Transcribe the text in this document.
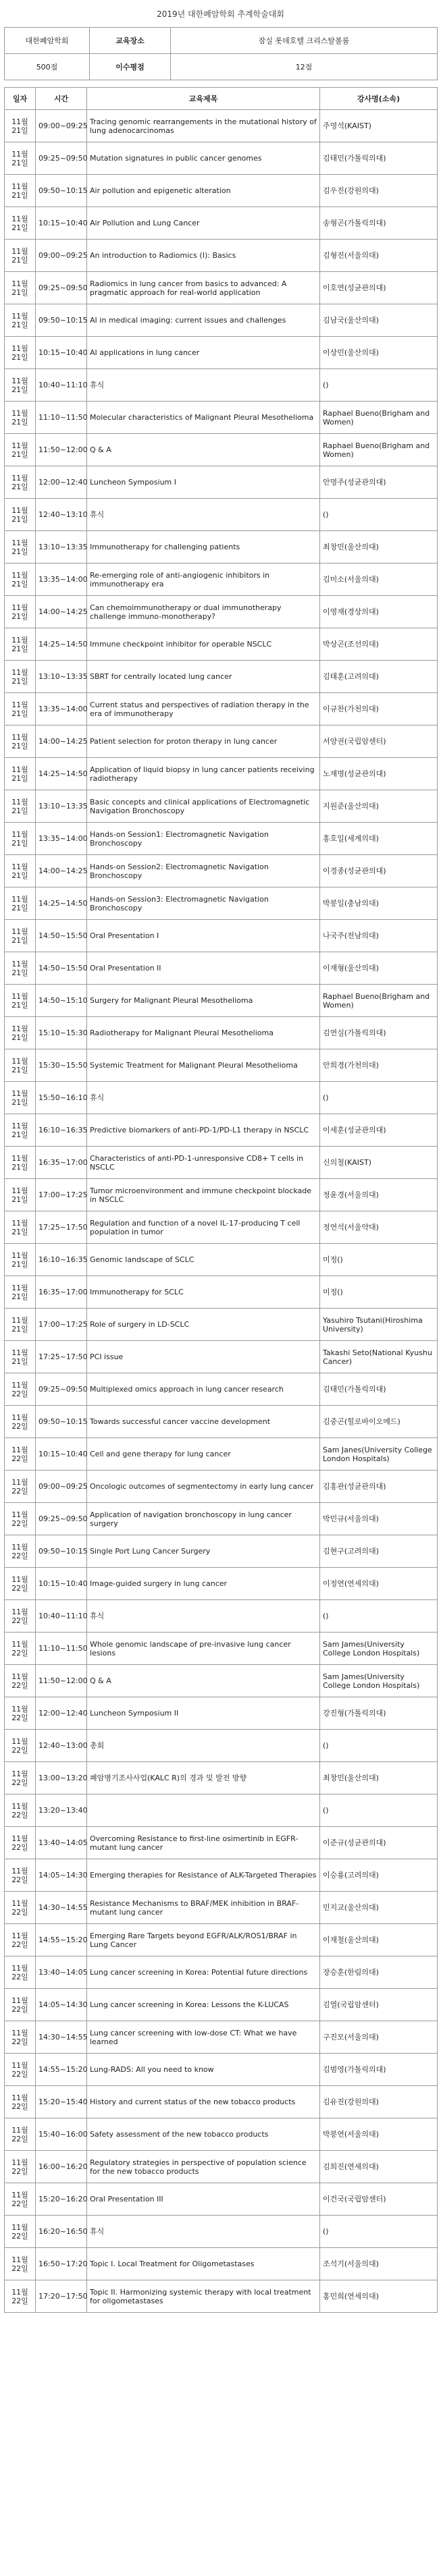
2019년 대한폐암학회 추계학술대회
대한폐암학회	교육장소	잠실 롯데호텔 크리스탈볼룸
500점	이수평점	12점
일자	시간	교육제목	강사명(소속)
11월 21일	09:00~09:25	Tracing genomic rearrangements in the mutational history of lung adenocarcinomas	주영석(KAIST)
11월 21일	09:25~09:50	Mutation signatures in public cancer genomes	김태민(가톨릭의대)
11월 21일	09:50~10:15	Air pollution and epigenetic alteration	김우진(강원의대)
11월 21일	10:15~10:40	Air Pollution and Lung Cancer	송형곤(가톨릭의대)
11월 21일	09:00~09:25	An introduction to Radiomics (I): Basics	김형진(서울의대)
11월 21일	09:25~09:50	Radiomics in lung cancer from basics to advanced: A pragmatic approach for real-world application	이호연(성균관의대)
11월 21일	09:50~10:15	AI in medical imaging: current issues and challenges	김남국(울산의대)
11월 21일	10:15~10:40	AI applications in lung cancer	이상민(울산의대)
11월 21일	10:40~11:10	휴식	()
11월 21일	11:10~11:50	Molecular characteristics of Malignant Pleural Mesothelioma	Raphael Bueno(Brigham and Women)
11월 21일	11:50~12:00	Q & A	Raphael Bueno(Brigham and Women)
11월 21일	12:00~12:40	Luncheon Symposium I	안명주(성균관의대)
11월 21일	12:40~13:10	휴식	()
11월 21일	13:10~13:35	Immunotherapy for challenging patients	최창민(울산의대)
11월 21일	13:35~14:00	Re-emerging role of anti-angiogenic inhibitors in immunotherapy era	김미소(서울의대)
11월 21일	14:00~14:25	Can chemoimmunotherapy or dual immunotherapy challenge immuno-monotherapy?	이영재(경상의대)
11월 21일	14:25~14:50	Immune checkpoint inhibitor for operable NSCLC	박상곤(조선의대)
11월 21일	13:10~13:35	SBRT for centrally located lung cancer	김태훈(고려의대)
11월 21일	13:35~14:00	Current status and perspectives of radiation therapy in the era of immunotherapy	이규찬(가천의대)
11월 21일	14:00~14:25	Patient selection for proton therapy in lung cancer	서양권(국립암센터)
11월 21일	14:25~14:50	Application of liquid biopsy in lung cancer patients receiving radiotherapy	노재명(성균관의대)
11월 21일	13:10~13:35	Basic concepts and clinical applications of Electromagnetic Navigation Bronchoscopy	지원준(울산의대)
11월 21일	13:35~14:00	Hands-on Session1: Electromagnetic Navigation Bronchoscopy	홍호일(세계의대)
11월 21일	14:00~14:25	Hands-on Session2: Electromagnetic Navigation Bronchoscopy	이경종(성균관의대)
11월 21일	14:25~14:50	Hands-on Session3: Electromagnetic Navigation Bronchoscopy	박봉일(충남의대)
11월 21일	14:50~15:50	Oral Presentation I	나국주(전남의대)
11월 21일	14:50~15:50	Oral Presentation II	이재형(울산의대)
11월 21일	14:50~15:10	Surgery for Malignant Pleural Mesothelioma	Raphael Bueno(Brigham and Women)
11월 21일	15:10~15:30	Radiotherapy for Malignant Pleural Mesothelioma	김연실(가톨릭의대)
11월 21일	15:30~15:50	Systemic Treatment for Malignant Pleural Mesothelioma	안희경(가천의대)
11월 21일	15:50~16:10	휴식	()
11월 21일	16:10~16:35	Predictive biomarkers of anti-PD-1/PD-L1 therapy in NSCLC	이세훈(성균관의대)
11월 21일	16:35~17:00	Characteristics of anti-PD-1-unresponsive CD8+ T cells in NSCLC	신의철(KAIST)
11월 21일	17:00~17:25	Tumor microenvironment and immune checkpoint blockade in NSCLC	정윤경(서울의대)
11월 21일	17:25~17:50	Regulation and function of a novel IL-17-producing T cell population in tumor	정연석(서울약대)
11월 21일	16:10~16:35	Genomic landscape of SCLC	미정()
11월 21일	16:35~17:00	Immunotherapy for SCLC	미정()
11월 21일	17:00~17:25	Role of surgery in LD-SCLC	Yasuhiro Tsutani(Hiroshima University)
11월 21일	17:25~17:50	PCI issue	Takashi Seto(National Kyushu Cancer)
11월 22일	09:25~09:50	Multiplexed omics approach in lung cancer research	김태민(가톨릭의대)
11월 22일	09:50~10:15	Towards successful cancer vaccine development	김중곤(힐로바이오메드)
11월 22일	10:15~10:40	Cell and gene therapy for lung cancer	Sam Janes(University College London Hospitals)
11월 22일	09:00~09:25	Oncologic outcomes of segmentectomy in early lung cancer	김홍관(성균관의대)
11월 22일	09:25~09:50	Application of navigation bronchoscopy in lung cancer surgery	박민규(서울의대)
11월 22일	09:50~10:15	Single Port Lung Cancer Surgery	김현구(고려의대)
11월 22일	10:15~10:40	Image-guided surgery in lung cancer	이정연(연세의대)
11월 22일	10:40~11:10	휴식	()
11월 22일	11:10~11:50	Whole genomic landscape of pre-invasive lung cancer lesions	Sam James(University College London Hospitals)
11월 22일	11:50~12:00	Q & A	Sam James(University College London Hospitals)
11월 22일	12:00~12:40	Luncheon Symposium II	강진형(가톨릭의대)
11월 22일	12:40~13:00	총회	()
11월 22일	13:00~13:20	폐암병기조사사업(KALC R)의 경과 및 발전 방향	최창민(울산의대)
11월 22일	13:20~13:40		()
11월 22일	13:40~14:05	Overcoming Resistance to first-line osimertinib in EGFR-mutant lung cancer	이준규(성균관의대)
11월 22일	14:05~14:30	Emerging therapies for Resistance of ALK-Targeted Therapies	이승룡(고려의대)
11월 22일	14:30~14:55	Resistance Mechanisms to BRAF/MEK inhibition in BRAF-mutant lung cancer	민지교(울산의대)
11월 22일	14:55~15:20	Emerging Rare Targets beyond EGFR/ALK/ROS1/BRAF in Lung Cancer	이재철(울산의대)
11월 22일	13:40~14:05	Lung cancer screening in Korea: Potential future directions	장승훈(한림의대)
11월 22일	14:05~14:30	Lung cancer screening in Korea: Lessons the K-LUCAS	김열(국립암센터)
11월 22일	14:30~14:55	Lung cancer screening with low-dose CT: What we have learned	구진모(서울의대)
11월 22일	14:55~15:20	Lung-RADS: All you need to know	김범영(가톨릭의대)
11월 22일	15:20~15:40	History and current status of the new tobacco products	김유진(강원의대)
11월 22일	15:40~16:00	Safety assessment of the new tobacco products	박봉연(서울의대)
11월 22일	16:00~16:20	Regulatory strategies in perspective of population science for the new tobacco products	김희진(연세의대)
11월 22일	15:20~16:20	Oral Presentation III	이건국(국립암센터)
11월 22일	16:20~16:50	휴식	()
11월 22일	16:50~17:20	Topic I. Local Treatment for Oligometastases	조석기(서울의대)
11월 22일	17:20~17:50	Topic II. Harmonizing systemic therapy with local treatment for oligometastases	홍민희(연세의대)
